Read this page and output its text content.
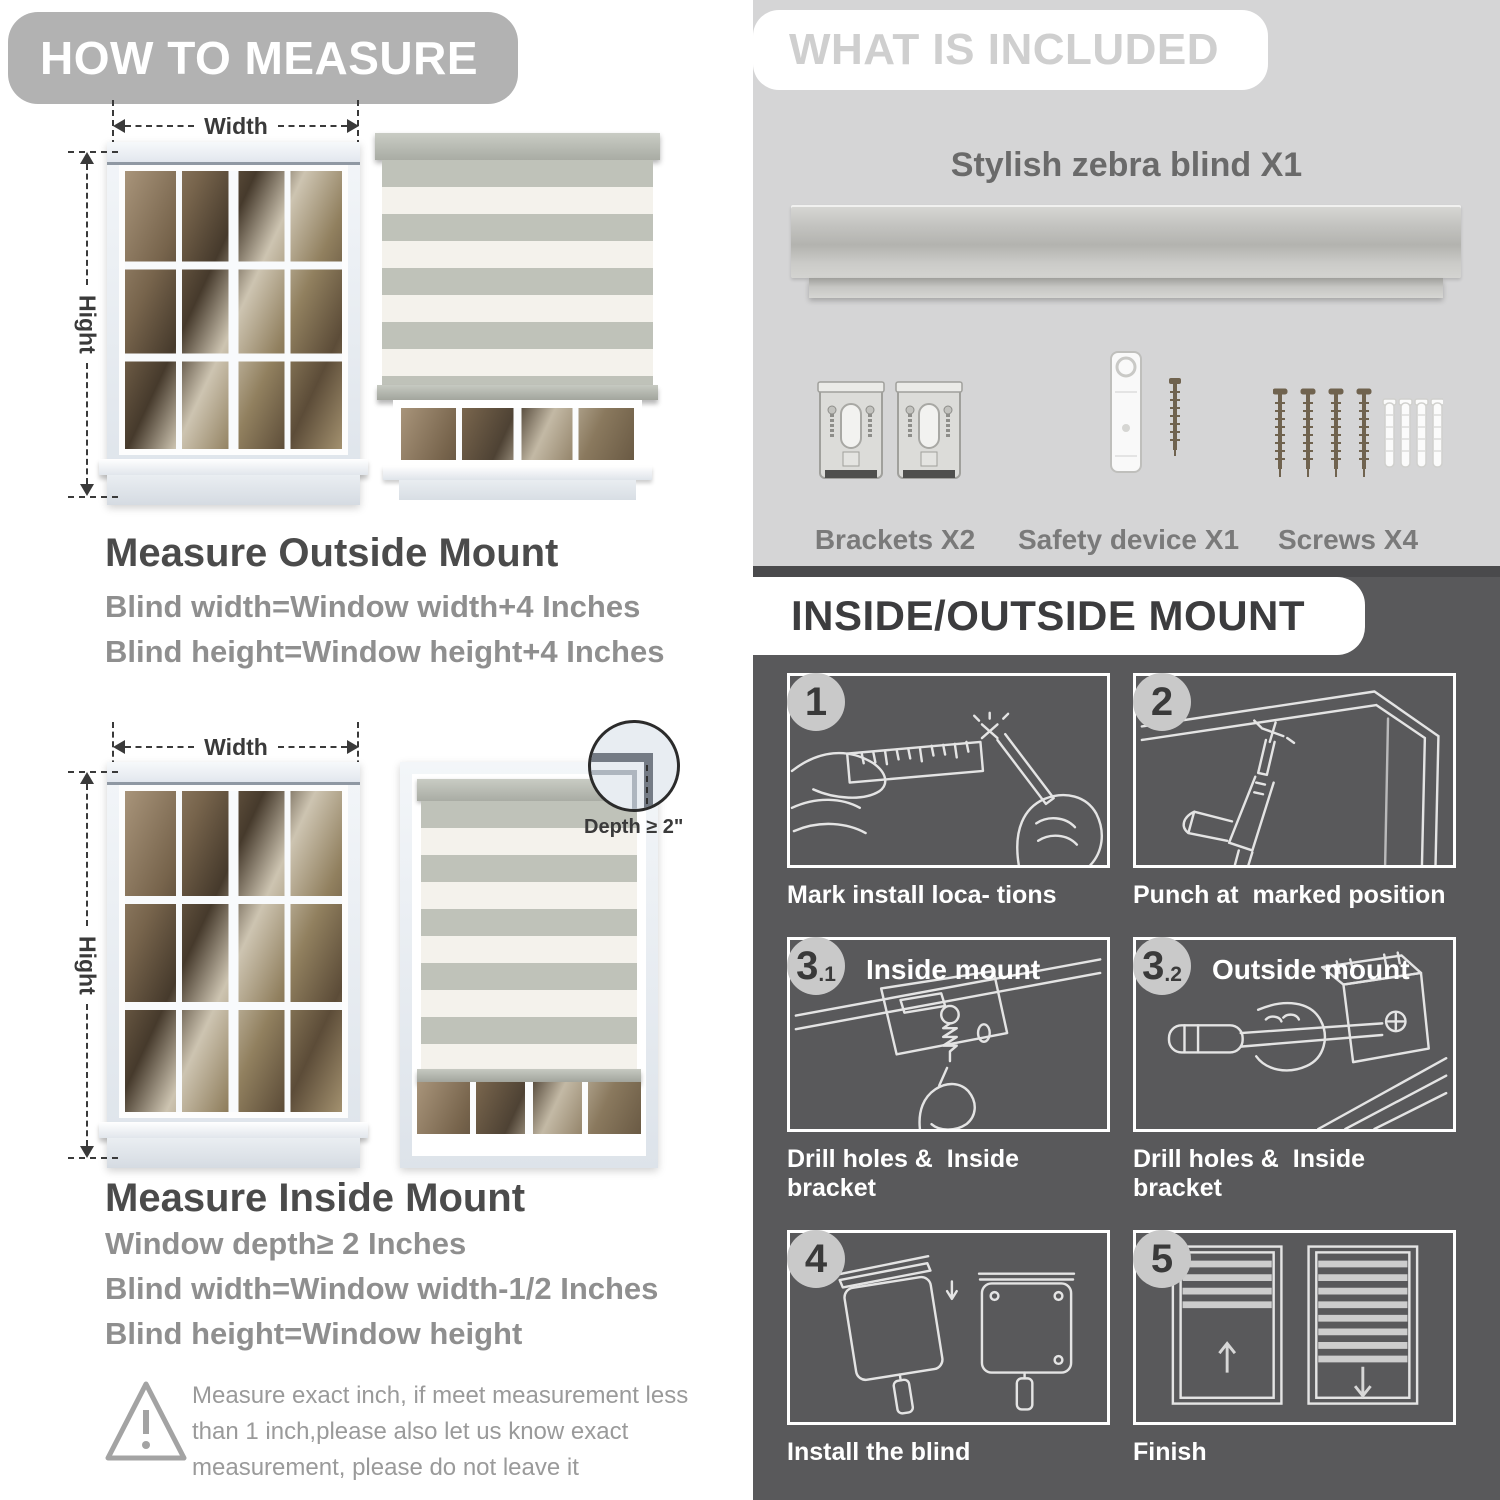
HOW TO MEASURE
Width
Hight
Measure Outside Mount
Blind width=Window width+4 Inches
Blind height=Window height+4 Inches
Width
Hight
Depth ≥ 2"
Measure Inside Mount
Window depth≥ 2 Inches
Blind width=Window width-1/2 Inches
Blind height=Window height
Measure exact inch, if meet measurement less than 1 inch,please also let us know exact measurement, please do not leave it
WHAT IS INCLUDED
Stylish zebra blind X1
Brackets X2	Safety device X1	Screws X4
INSIDE/OUTSIDE MOUNT
1
Mark install loca- tions
2
Punch at  marked position
3 .1 Inside mount
Drill holes &  Inside bracket
3 .2 Outside mount
Drill holes &  Inside bracket
4
Install the blind
5
Finish
